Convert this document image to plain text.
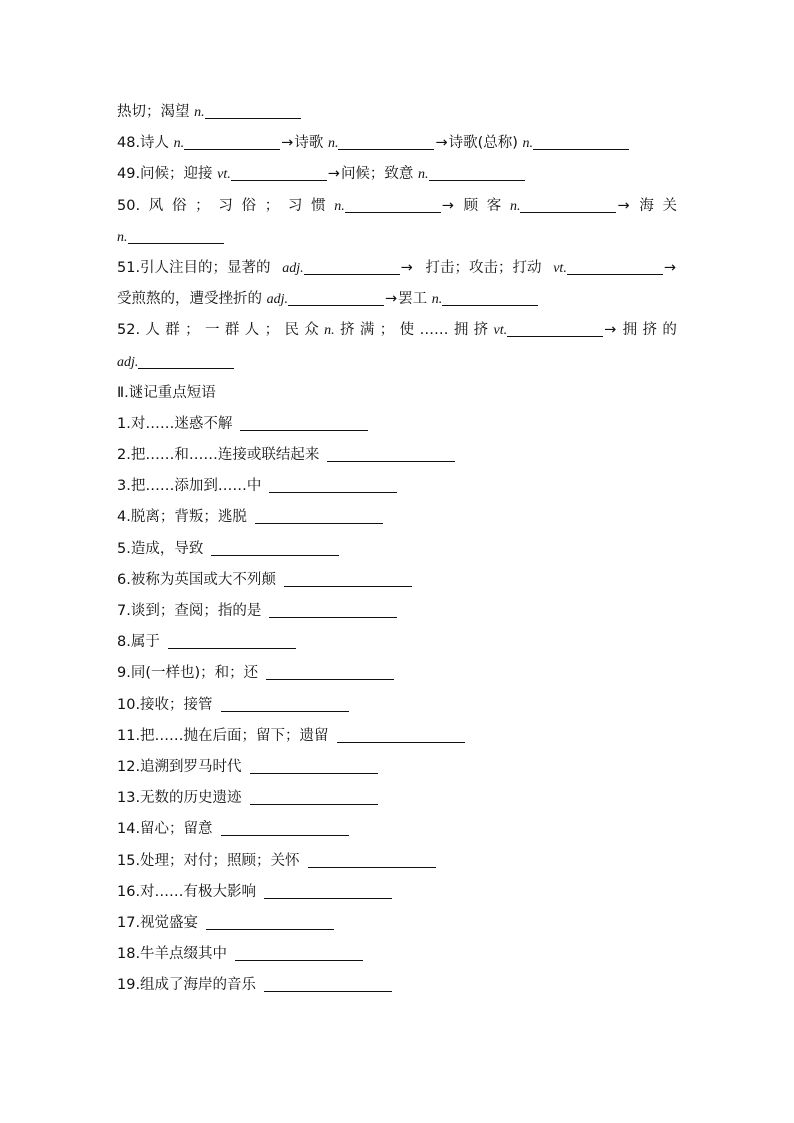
热切；渴望 n.
48.诗人 n.	→诗歌 n.	→诗歌(总称) n.
49.问候；迎接 vt.	→问候；致意 n.
50. 风 俗 ； 习 俗 ； 习 惯 n.	→ 顾 客 n.	→ 海 关
n.
51.引人注目的；显著的 adj.	→ 打击；攻击；打动 vt.	→
受煎熬的，遭受挫折的 adj.	→罢工 n.
52. 人 群 ； 一 群 人 ； 民 众 n. 挤 满 ； 使 …… 拥 挤 vt.	→ 拥 挤 的
adj.
Ⅱ.谜记重点短语
1.对……迷惑不解
2.把……和……连接或联结起来
3.把……添加到……中
4.脱离；背叛；逃脱
5.造成，导致
6.被称为英国或大不列颠
7.谈到；查阅；指的是
8.属于
9.同(一样也)；和；还
10.接收；接管
11.把……抛在后面；留下；遗留
12.追溯到罗马时代
13.无数的历史遗迹
14.留心；留意
15.处理；对付；照顾；关怀
16.对……有极大影响
17.视觉盛宴
18.牛羊点缀其中
19.组成了海岸的音乐
